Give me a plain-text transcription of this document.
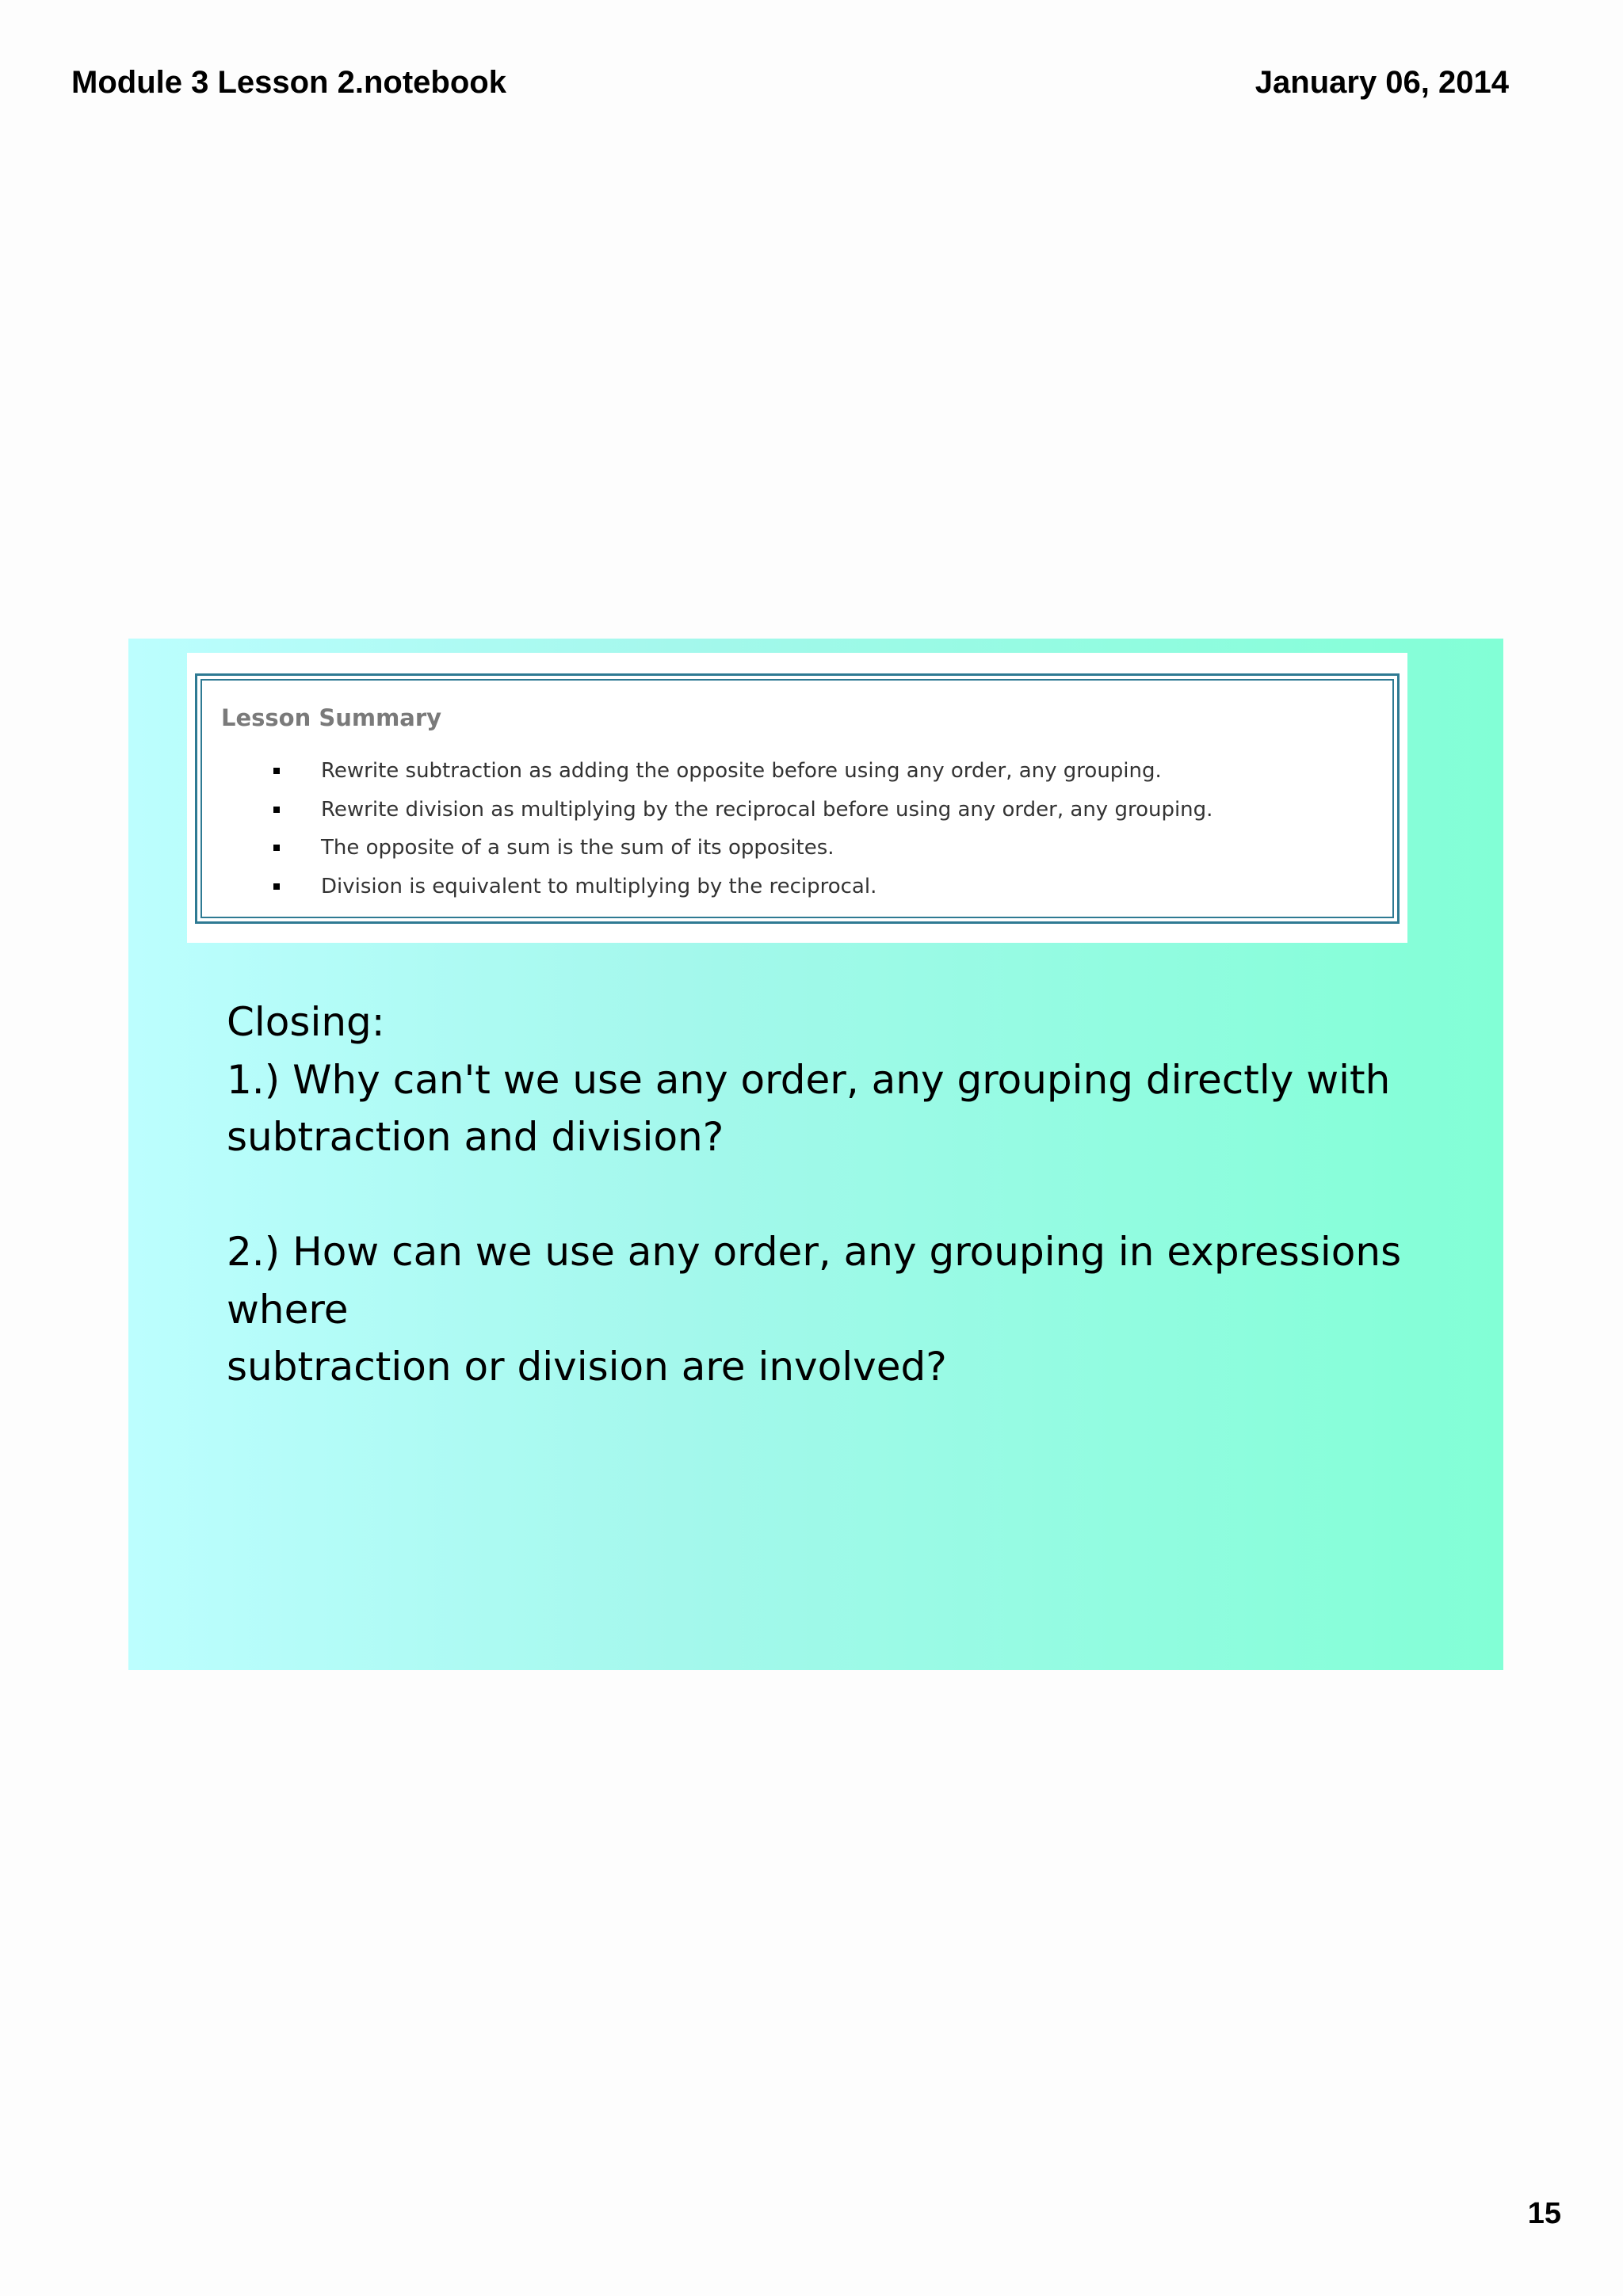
Module 3 Lesson 2.notebook	January 06, 2014
Lesson Summary
Rewrite subtraction as adding the opposite before using any order, any grouping.
Rewrite division as multiplying by the reciprocal before using any order, any grouping.
The opposite of a sum is the sum of its opposites.
Division is equivalent to multiplying by the reciprocal.

Closing:

1.) Why can't we use any order, any grouping directly with

subtraction and division?

2.) How can we use any order, any grouping in expressions where

subtraction or division are involved?

15
